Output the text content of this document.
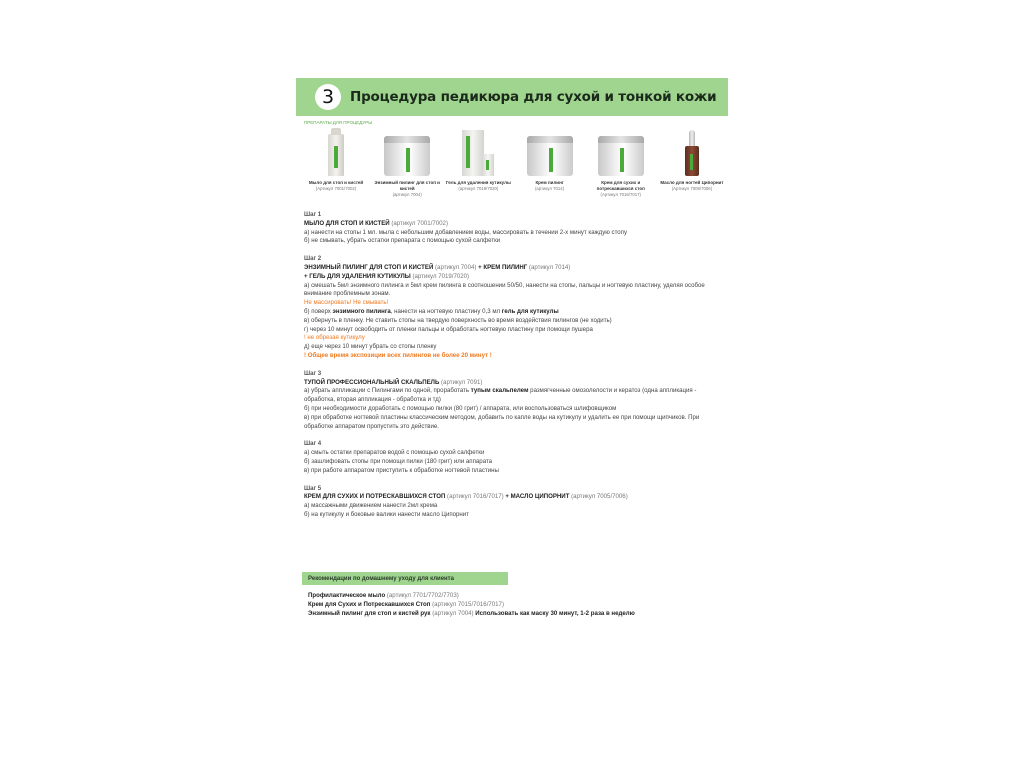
3	Процедура педикюра для сухой и тонкой кожи
ПРЕПАРАТЫ ДЛЯ ПРОЦЕДУРЫ
Мыло для стоп и кистей
(Артикул 7001/7002)
Энзимный пилинг для стоп и кистей
(артикул 7004)
Гель для удаления кутикулы
(артикул 7019/7020)
Крем пилинг
(артикул 7014)
Крем для сухих и потрескавшихся стоп
(Артикул 7016/7017)
Масло для ногтей Ципорнит
(Артикул 7005/7006)
Шаг 1
МЫЛО ДЛЯ СТОП И КИСТЕЙ (артикул 7001/7002)
а) нанести на стопы 1 мл. мыла с небольшим добавлением воды, массировать в течении 2-х минут каждую стопу
б) не смывать, убрать остатки препарата с помощью сухой салфетки
Шаг 2
ЭНЗИМНЫЙ ПИЛИНГ ДЛЯ СТОП И КИСТЕЙ (артикул 7004) + КРЕМ ПИЛИНГ (артикул 7014)
+ ГЕЛЬ ДЛЯ УДАЛЕНИЯ КУТИКУЛЫ (артикул 7019/7020)
а) смешать 5мл энзимного пилинга и 5мл крем пилинга в соотношении 50/50, нанести на стопы, пальцы и ногтевую пластину, уделяя особое внимание проблемным зонам.
Не массировать! Не смывать!
б) поверх энзимного пилинга, нанести на ногтевую пластину 0,3 мл гель для кутикулы
в) обернуть в пленку. Не ставить стопы на твердую поверхность во время воздействия пилингов (не ходить)
г) через 10 минут освободить от пленки пальцы и обработать ногтевую пластину при помощи пушера
! не обрезая кутикулу
д) еще через 10 минут убрать со стопы пленку
! Общее время экспозиции всех пилингов не более 20 минут !
Шаг 3
ТУПОЙ ПРОФЕССИОНАЛЬНЫЙ СКАЛЬПЕЛЬ (артикул 7091)
а) убрать аппликации с Пилингами по одной, проработать тупым скальпелем размягченные омозолелости и кератоз (одна аппликация - обработка, вторая аппликация - обработка и тд)
б) при необходимости доработать с помощью пилки (80 грит) / аппарата, или воспользоваться шлифовщиком
в) при обработке ногтевой пластины классическим методом, добавить по капле воды на кутикулу и удалить ее при помощи щипчиков. При обработке аппаратом пропустить это действие.
Шаг 4
а) смыть остатки препаратов водой с помощью сухой салфетки
б) зашлифовать стопы при помощи пилки (180 грит) или аппарата
в) при работе аппаратом приступить к обработке ногтевой пластины
Шаг 5
КРЕМ ДЛЯ СУХИХ И ПОТРЕСКАВШИХСЯ СТОП (артикул 7016/7017) + МАСЛО ЦИПОРНИТ (артикул 7005/7006)
а) массажными движением нанести 2мл крема
б) на кутикулу и боковые валики нанести масло Ципорнит
Рекомендации по домашнему уходу для клиента
Профилактическое мыло (артикул 7701/7702/7703)
Крем для Сухих и Потрескавшихся Стоп (артикул 7015/7016/7017)
Энзимный пилинг для стоп и кистей рук (артикул 7004) Использовать как маску 30 минут, 1-2 раза в неделю
